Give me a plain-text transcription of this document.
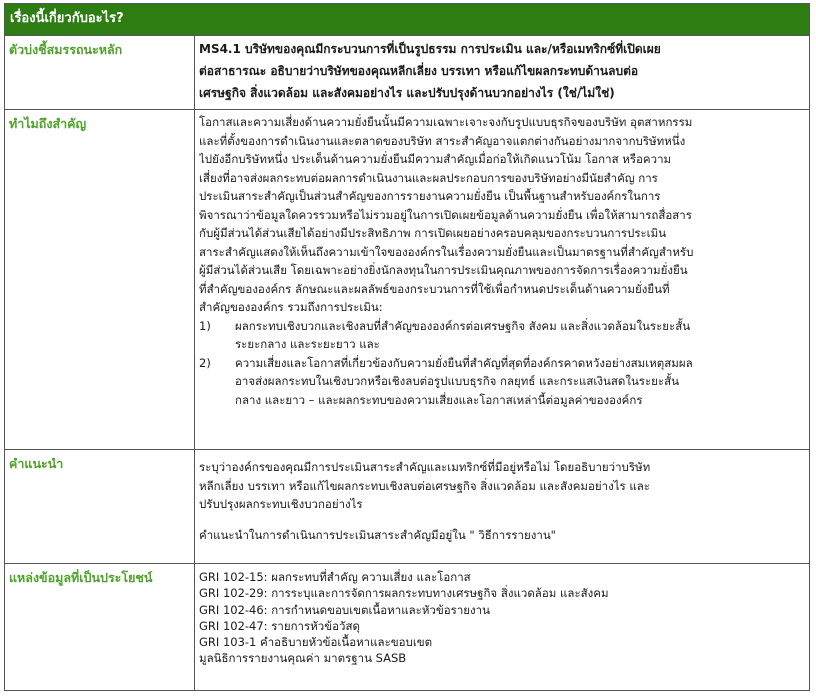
เรื่องนี้เกี่ยวกับอะไร?
ตัวบ่งชี้สมรรถนะหลัก	MS4.1 บริษัทของคุณมีกระบวนการที่เป็นรูปธรรม การประเมิน และ/หรือเมทริกซ์ที่เปิดเผย
ต่อสาธารณะ อธิบายว่าบริษัทของคุณหลีกเลี่ยง บรรเทา หรือแก้ไขผลกระทบด้านลบต่อ
เศรษฐกิจ สิ่งแวดล้อม และสังคมอย่างไร และปรับปรุงด้านบวกอย่างไร (ใช่/ไม่ใช่)
ทำไมถึงสำคัญ	โอกาสและความเสี่ยงด้านความยั่งยืนนั้นมีความเฉพาะเจาะจงกับรูปแบบธุรกิจของบริษัท อุตสาหกรรม
และที่ตั้งของการดำเนินงานและตลาดของบริษัท สาระสำคัญอาจแตกต่างกันอย่างมากจากบริษัทหนึ่ง
ไปยังอีกบริษัทหนึ่ง ประเด็นด้านความยั่งยืนมีความสำคัญเมื่อก่อให้เกิดแนวโน้ม โอกาส หรือความ
เสี่ยงที่อาจส่งผลกระทบต่อผลการดำเนินงานและผลประกอบการของบริษัทอย่างมีนัยสำคัญ การ
ประเมินสาระสำคัญเป็นส่วนสำคัญของการรายงานความยั่งยืน เป็นพื้นฐานสำหรับองค์กรในการ
พิจารณาว่าข้อมูลใดควรรวมหรือไม่รวมอยู่ในการเปิดเผยข้อมูลด้านความยั่งยืน เพื่อให้สามารถสื่อสาร
กับผู้มีส่วนได้ส่วนเสียได้อย่างมีประสิทธิภาพ การเปิดเผยอย่างครอบคลุมของกระบวนการประเมิน
สาระสำคัญแสดงให้เห็นถึงความเข้าใจขององค์กรในเรื่องความยั่งยืนและเป็นมาตรฐานที่สำคัญสำหรับ
ผู้มีส่วนได้ส่วนเสีย โดยเฉพาะอย่างยิ่งนักลงทุนในการประเมินคุณภาพของการจัดการเรื่องความยั่งยืน
ที่สำคัญขององค์กร ลักษณะและผลลัพธ์ของกระบวนการที่ใช้เพื่อกำหนดประเด็นด้านความยั่งยืนที่
สำคัญขององค์กร รวมถึงการประเมิน:
1)	ผลกระทบเชิงบวกและเชิงลบที่สำคัญขององค์กรต่อเศรษฐกิจ สังคม และสิ่งแวดล้อมในระยะสั้น
ระยะกลาง และระยะยาว และ
2)	ความเสี่ยงและโอกาสที่เกี่ยวข้องกับความยั่งยืนที่สำคัญที่สุดที่องค์กรคาดหวังอย่างสมเหตุสมผล
อาจส่งผลกระทบในเชิงบวกหรือเชิงลบต่อรูปแบบธุรกิจ กลยุทธ์ และกระแสเงินสดในระยะสั้น
กลาง และยาว – และผลกระทบของความเสี่ยงและโอกาสเหล่านี้ต่อมูลค่าขององค์กร
คำแนะนำ	ระบุว่าองค์กรของคุณมีการประเมินสาระสำคัญและเมทริกซ์ที่มีอยู่หรือไม่ โดยอธิบายว่าบริษัท
หลีกเลี่ยง บรรเทา หรือแก้ไขผลกระทบเชิงลบต่อเศรษฐกิจ สิ่งแวดล้อม และสังคมอย่างไร และ
ปรับปรุงผลกระทบเชิงบวกอย่างไร
คำแนะนำในการดำเนินการประเมินสาระสำคัญมีอยู่ใน " วิธีการรายงาน"
แหล่งข้อมูลที่เป็นประโยชน์	GRI 102-15: ผลกระทบที่สำคัญ ความเสี่ยง และโอกาส
GRI 102-29: การระบุและการจัดการผลกระทบทางเศรษฐกิจ สิ่งแวดล้อม และสังคม
GRI 102-46: การกำหนดขอบเขตเนื้อหาและหัวข้อรายงาน
GRI 102-47: รายการหัวข้อวัสดุ
GRI 103-1 คำอธิบายหัวข้อเนื้อหาและขอบเขต
มูลนิธิการรายงานคุณค่า มาตรฐาน SASB
